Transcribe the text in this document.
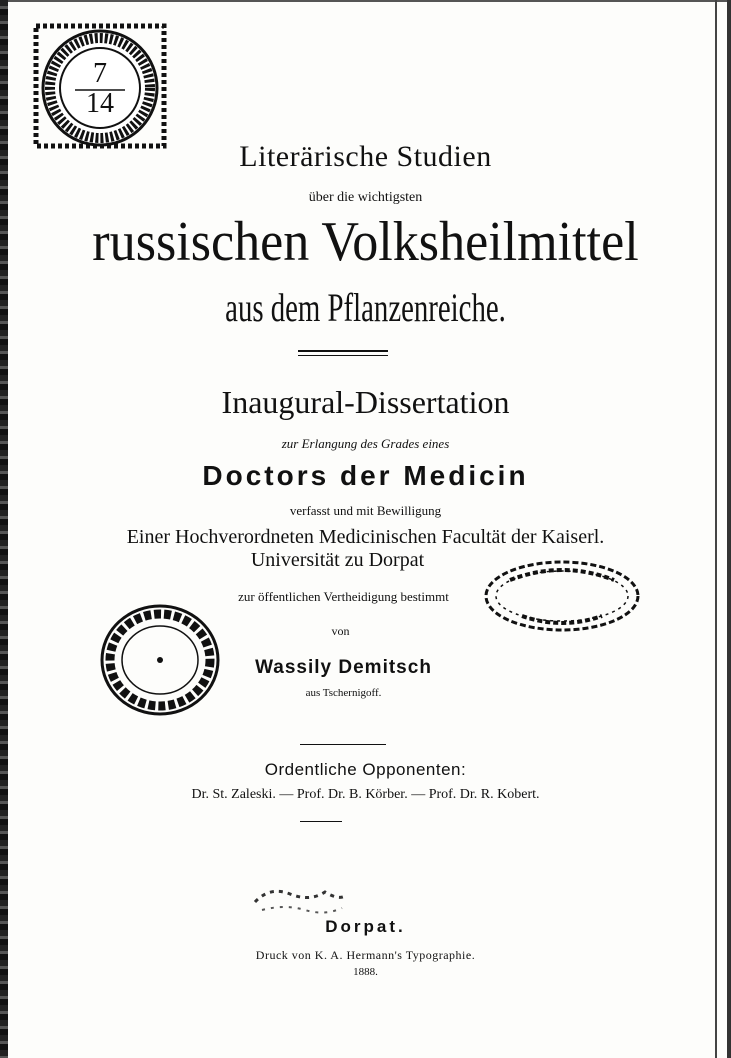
7
14
Literärische Studien
über die wichtigsten
russischen Volksheilmittel
aus dem Pflanzenreiche.
Inaugural-Dissertation
zur Erlangung des Grades eines
Doctors der Medicin
verfasst und mit Bewilligung
Einer Hochverordneten Medicinischen Facultät der Kaiserl.
Universität zu Dorpat
zur öffentlichen Vertheidigung bestimmt
von
Wassily Demitsch
aus Tschernigoff.
Ordentliche Opponenten:
Dr. St. Zaleski. — Prof. Dr. B. Körber. — Prof. Dr. R. Kobert.
Dorpat.
Druck von K. A. Hermann's Typographie.
1888.
